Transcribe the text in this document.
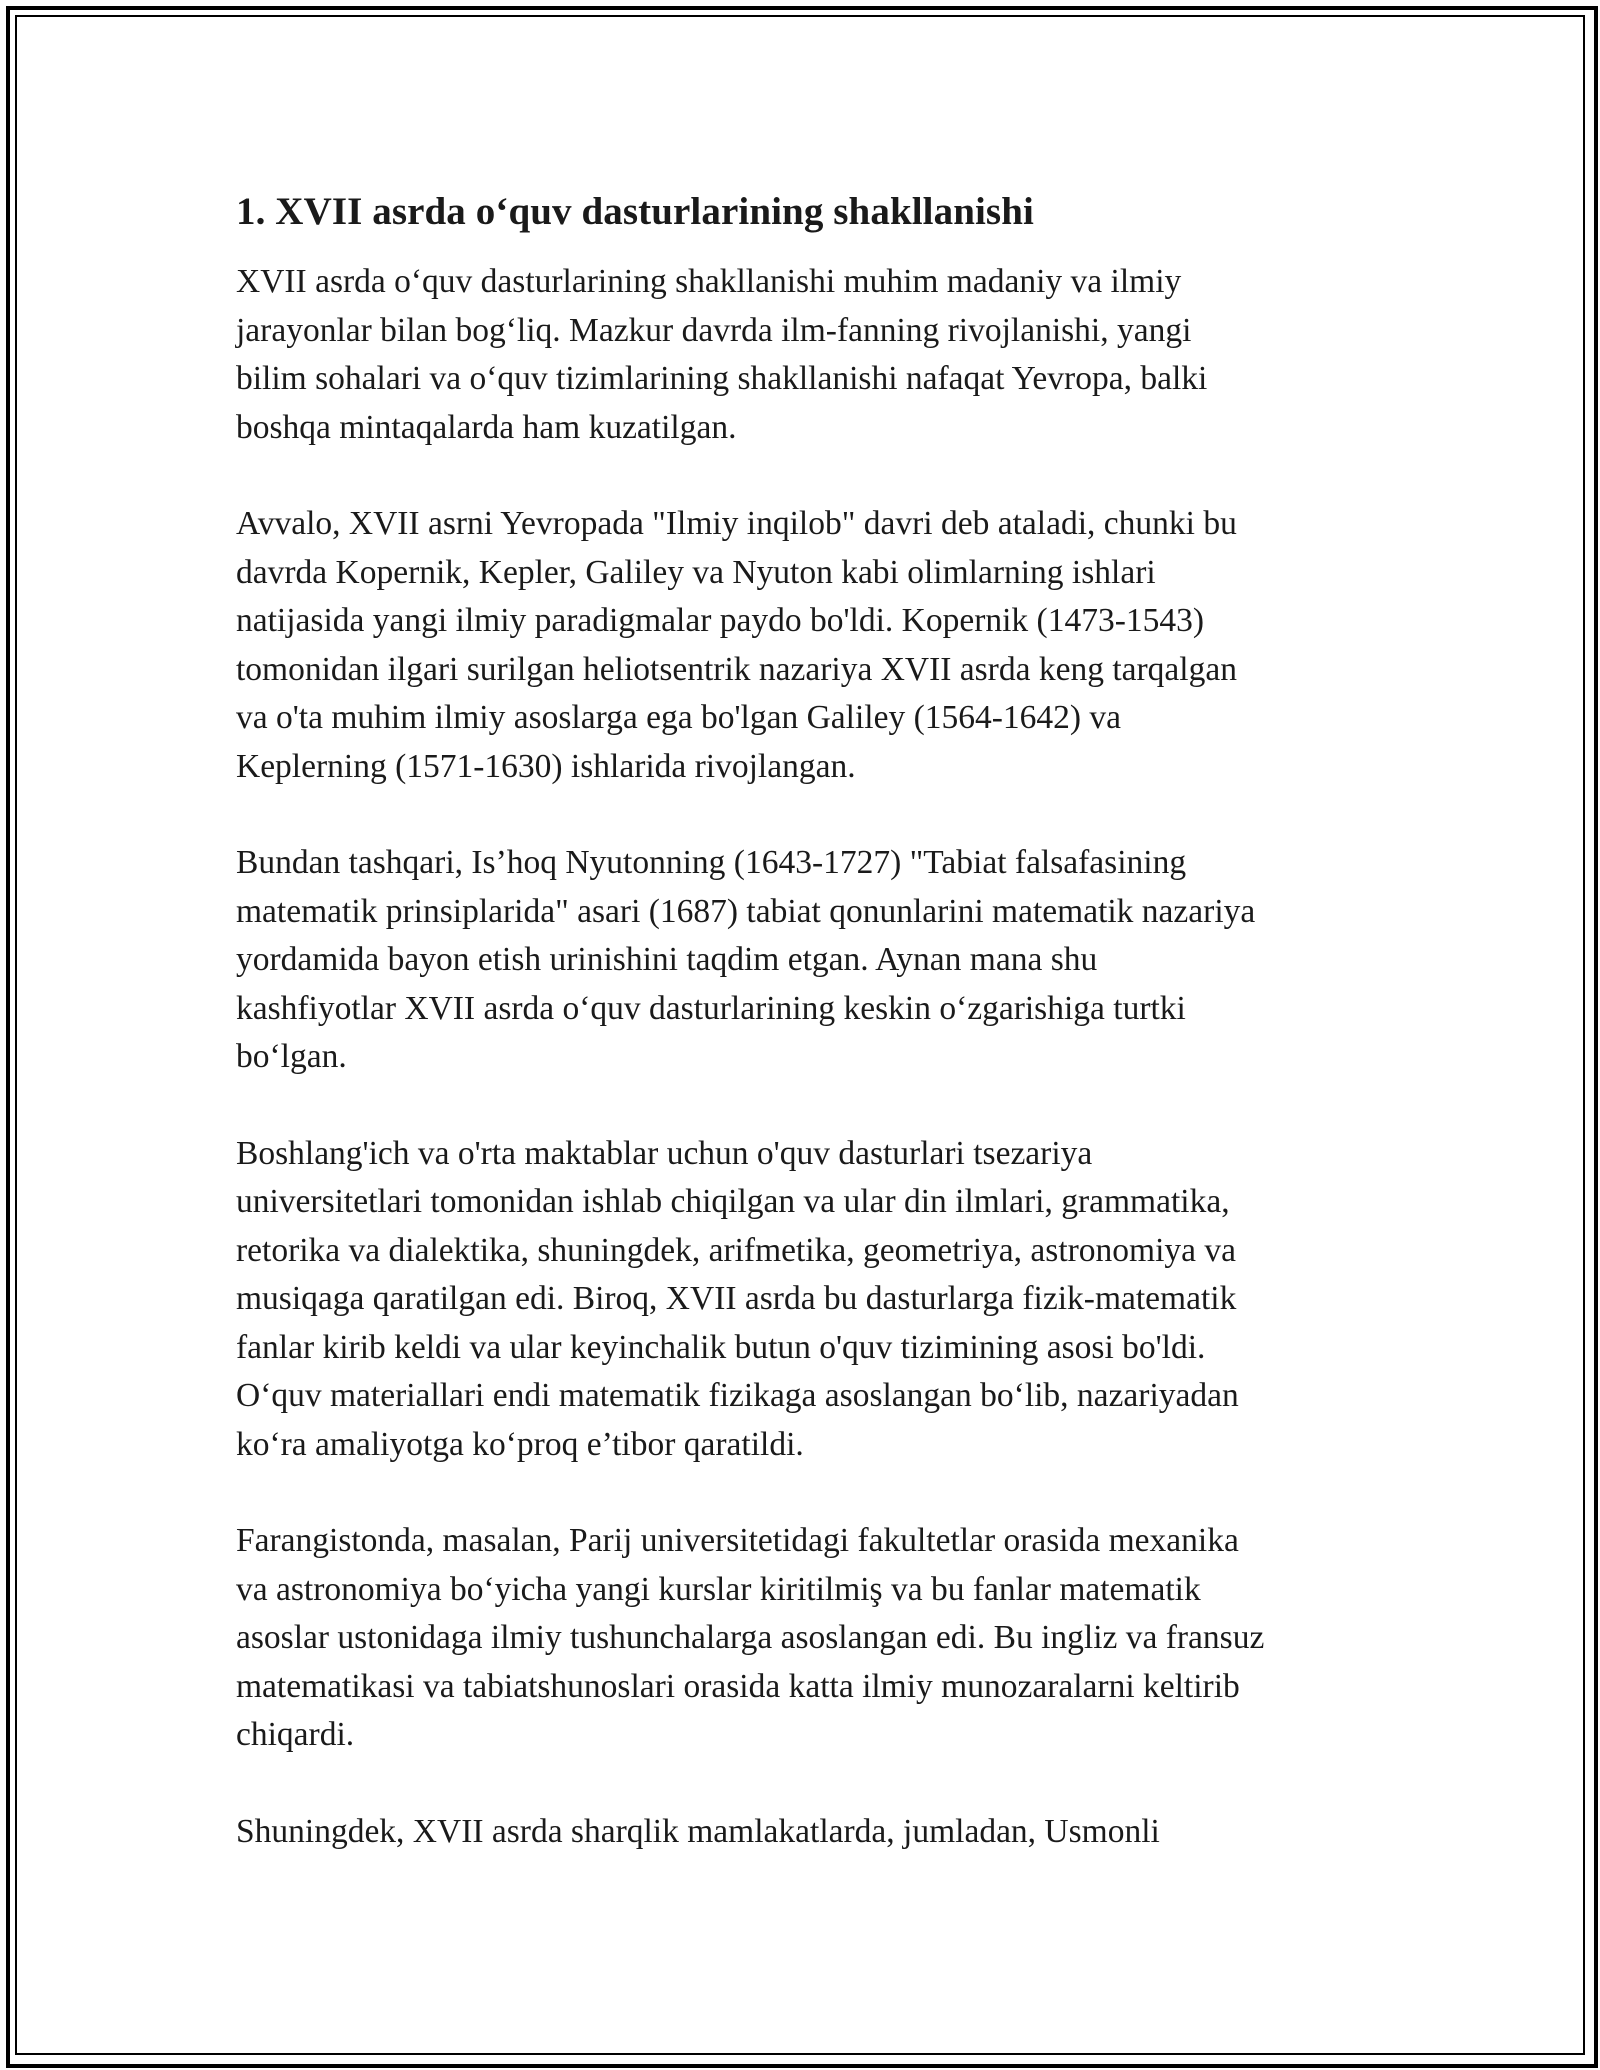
1. XVII asrda o‘quv dasturlarining shakllanishi

XVII asrda o‘quv dasturlarining shakllanishi muhim madaniy va ilmiy
jarayonlar bilan bog‘liq. Mazkur davrda ilm-fanning rivojlanishi, yangi
bilim sohalari va o‘quv tizimlarining shakllanishi nafaqat Yevropa, balki
boshqa mintaqalarda ham kuzatilgan.

Avvalo, XVII asrni Yevropada "Ilmiy inqilob" davri deb ataladi, chunki bu
davrda Kopernik, Kepler, Galiley va Nyuton kabi olimlarning ishlari
natijasida yangi ilmiy paradigmalar paydo bo'ldi. Kopernik (1473-1543)
tomonidan ilgari surilgan heliotsentrik nazariya XVII asrda keng tarqalgan
va o'ta muhim ilmiy asoslarga ega bo'lgan Galiley (1564-1642) va
Keplerning (1571-1630) ishlarida rivojlangan.

Bundan tashqari, Is’hoq Nyutonning (1643-1727) "Tabiat falsafasining
matematik prinsiplarida" asari (1687) tabiat qonunlarini matematik nazariya
yordamida bayon etish urinishini taqdim etgan. Aynan mana shu
kashfiyotlar XVII asrda o‘quv dasturlarining keskin o‘zgarishiga turtki
bo‘lgan.

Boshlang'ich va o'rta maktablar uchun o'quv dasturlari tsezariya
universitetlari tomonidan ishlab chiqilgan va ular din ilmlari, grammatika,
retorika va dialektika, shuningdek, arifmetika, geometriya, astronomiya va
musiqaga qaratilgan edi. Biroq, XVII asrda bu dasturlarga fizik-matematik
fanlar kirib keldi va ular keyinchalik butun o'quv tizimining asosi bo'ldi.
O‘quv materiallari endi matematik fizikaga asoslangan bo‘lib, nazariyadan
ko‘ra amaliyotga ko‘proq e’tibor qaratildi.

Farangistonda, masalan, Parij universitetidagi fakultetlar orasida mexanika
va astronomiya bo‘yicha yangi kurslar kiritilmiş va bu fanlar matematik
asoslar ustonidaga ilmiy tushunchalarga asoslangan edi. Bu ingliz va fransuz
matematikasi va tabiatshunoslari orasida katta ilmiy munozaralarni keltirib
chiqardi.

Shuningdek, XVII asrda sharqlik mamlakatlarda, jumladan, Usmonli
